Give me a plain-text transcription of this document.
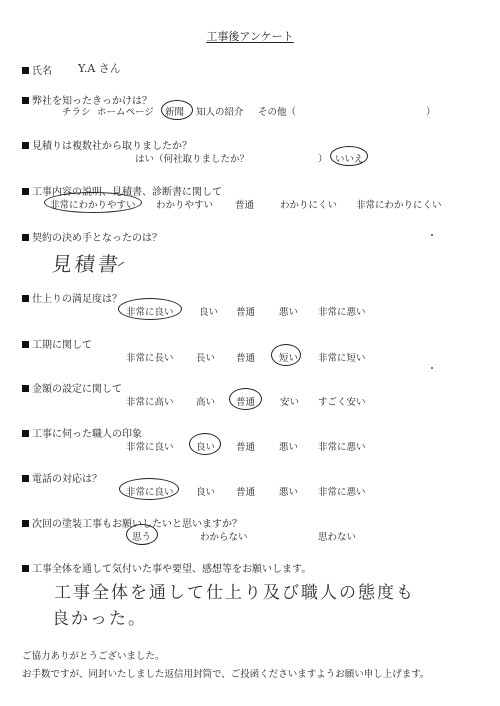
工事後アンケート
氏名 Y.A さん
弊社を知ったきっかけは？
チラシ ホームページ 新聞 知人の紹介 その他（	）
見積りは複数社から取りましたか？
はい（何社取りましたか？	） いいえ
工事内容の説明、見積書、診断書に関して
非常にわかりやすい わかりやすい 普通	わかりにくい 非常にわかりにくい
契約の決め手となったのは？
見積書
仕上りの満足度は？
非常に良い	良い 普通	悪い 非常に悪い
工期に関して
非常に長い 長い 普通	短い 非常に短い
金額の設定に関して
非常に高い 高い 普通	安い すごく安い
工事に伺った職人の印象
非常に良い 良い 普通	悪い 非常に悪い
電話の対応は？
非常に良い 良い 普通	悪い 非常に悪い
次回の塗装工事もお願いしたいと思いますか？
思う	わからない	思わない
工事全体を通して気付いた事や要望、感想等をお願いします。
工事全体を通して仕上り及び職人の態度も
良かった。
ご協力ありがとうございました。
お手数ですが、同封いたしました返信用封筒で、ご投函くださいますようお願い申し上げます。
